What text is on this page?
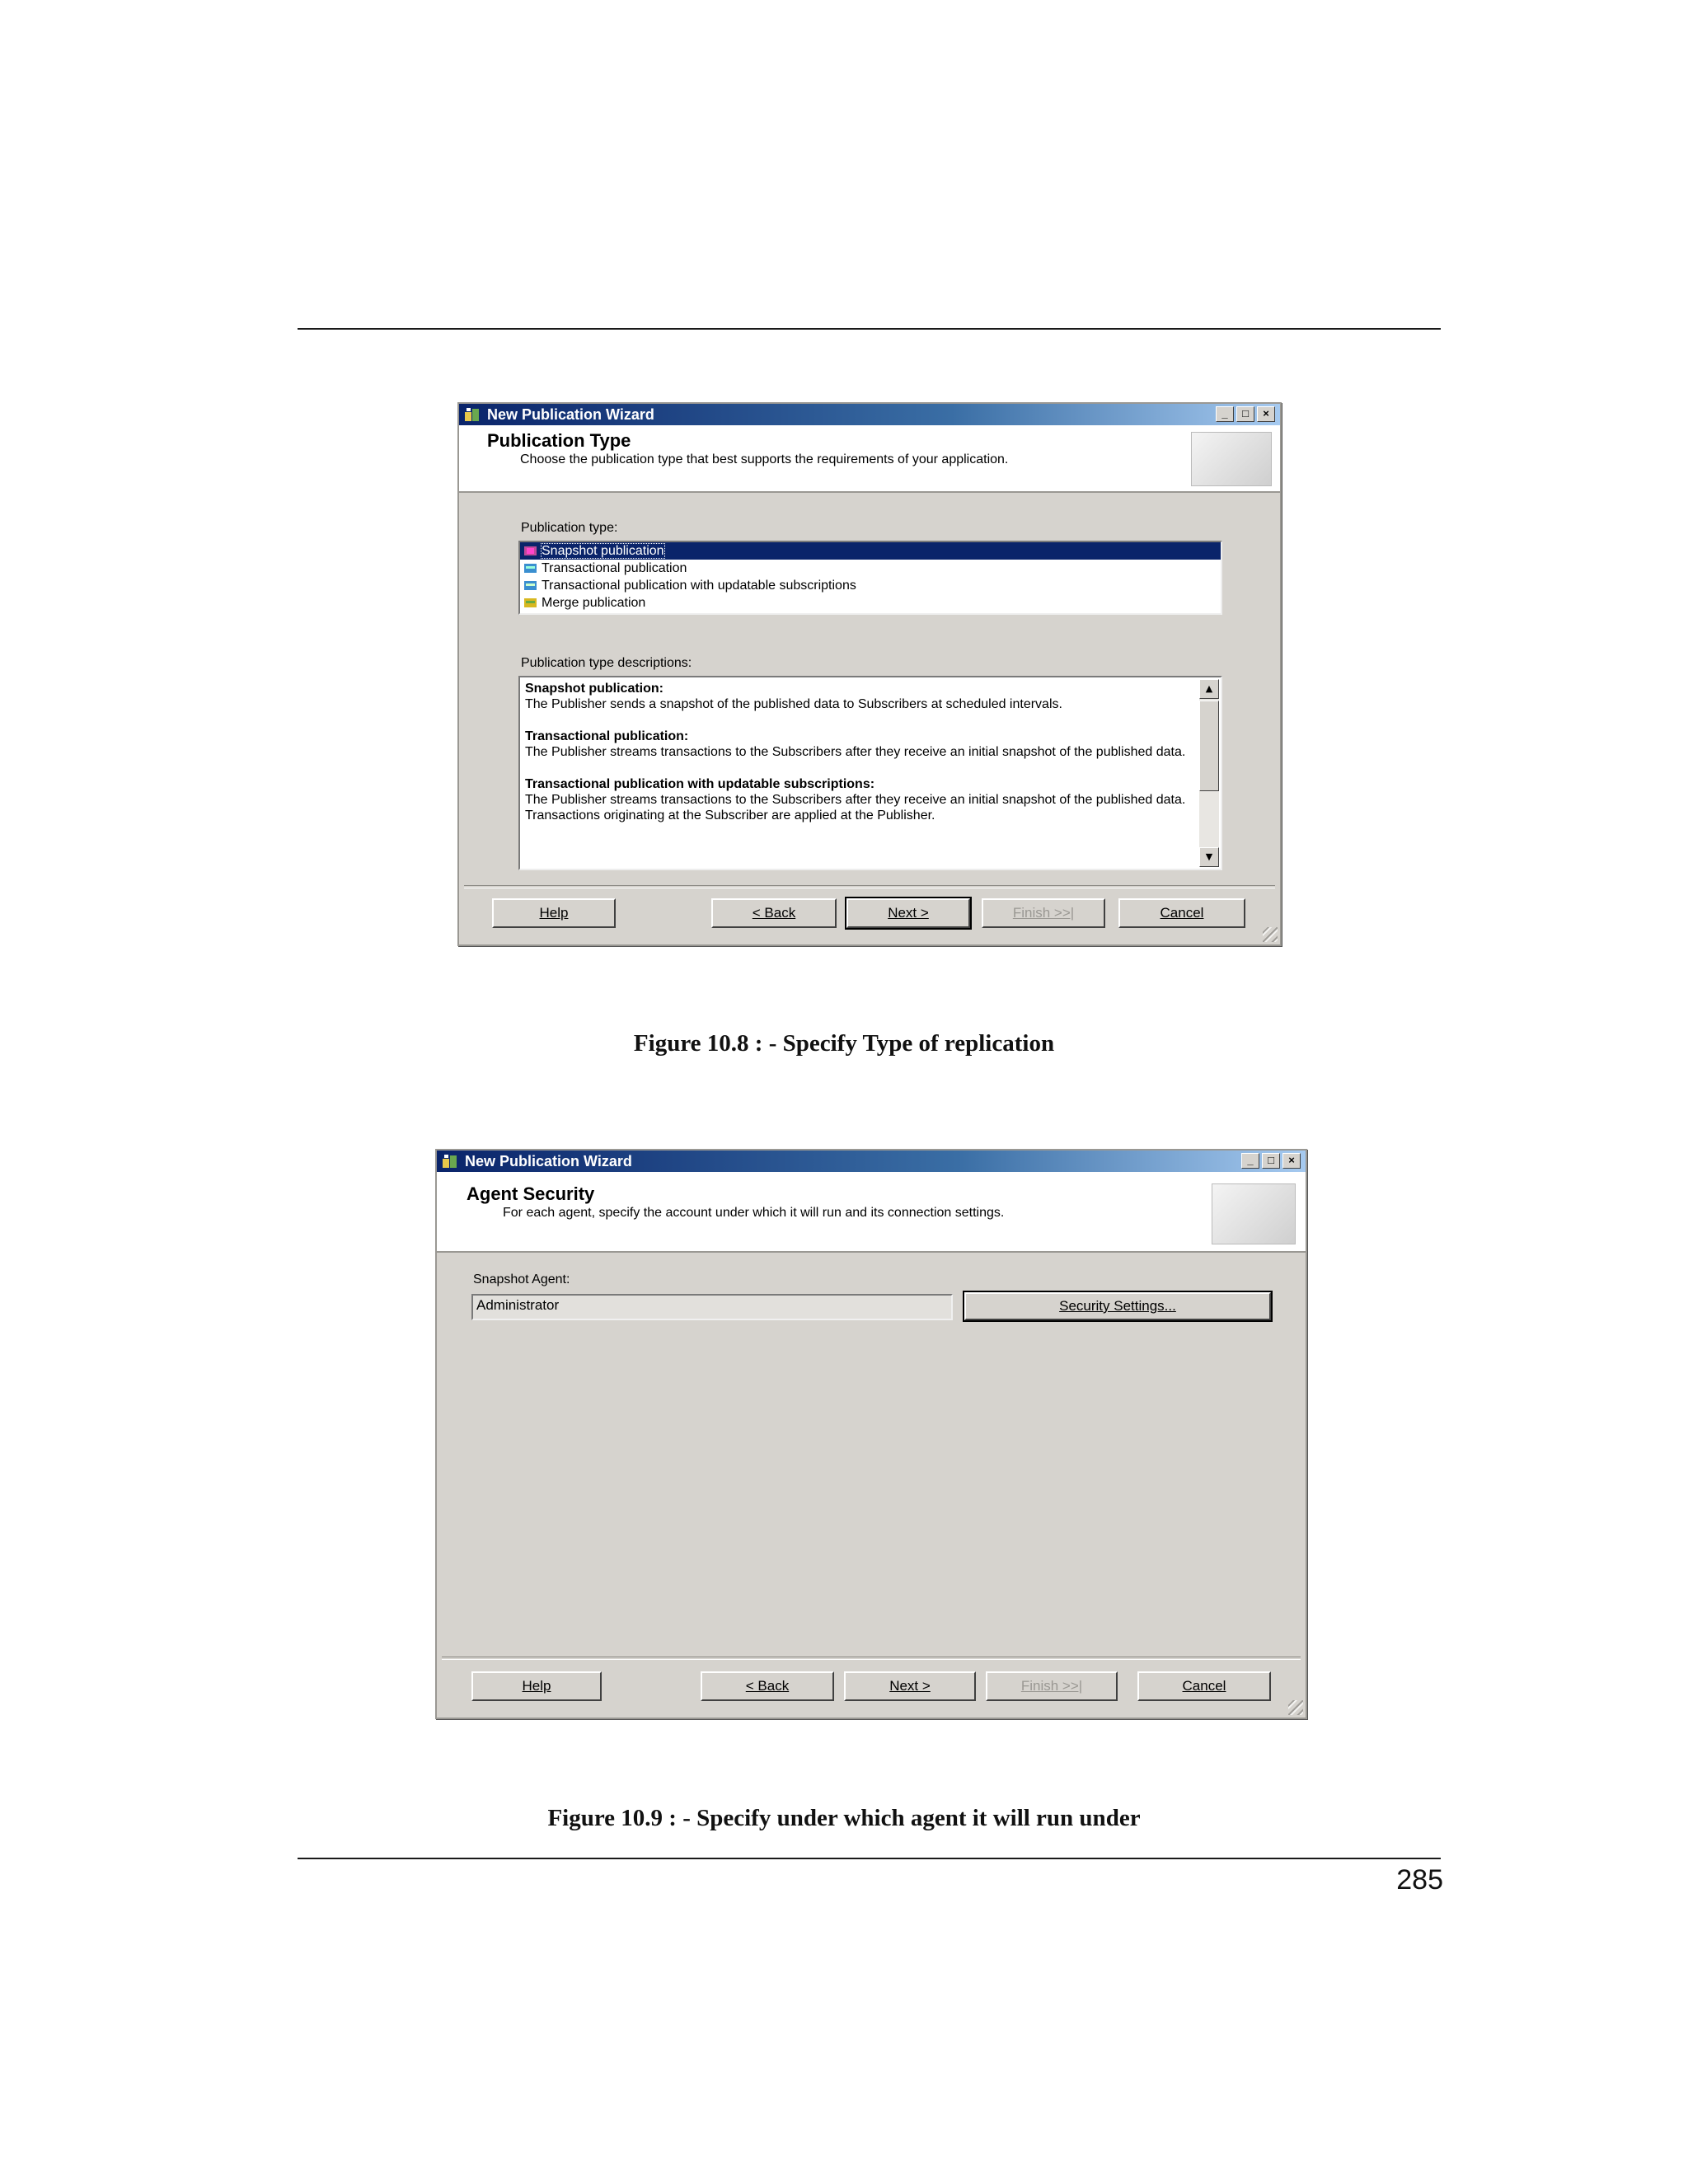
New Publication Wizard	_	□	×
Publication Type
Choose the publication type that best supports the requirements of your application.
Publication type:
Snapshot publication
Transactional publication
Transactional publication with updatable subscriptions
Merge publication
Publication type descriptions:
Snapshot publication:
The Publisher sends a snapshot of the published data to Subscribers at scheduled intervals.
Transactional publication:
The Publisher streams transactions to the Subscribers after they receive an initial snapshot of the published data.
Transactional publication with updatable subscriptions:
The Publisher streams transactions to the Subscribers after they receive an initial snapshot of the published data. Transactions originating at the Subscriber are applied at the Publisher.
▲
▼
Help	< Back	Next >	Finish >>|	Cancel
Figure 10.8 : - Specify Type of replication
New Publication Wizard	_	□	×
Agent Security
For each agent, specify the account under which it will run and its connection settings.
Snapshot Agent:
Administrator	Security Settings...
Help	< Back	Next >	Finish >>|	Cancel
Figure 10.9 : - Specify under which agent it will run under
285
